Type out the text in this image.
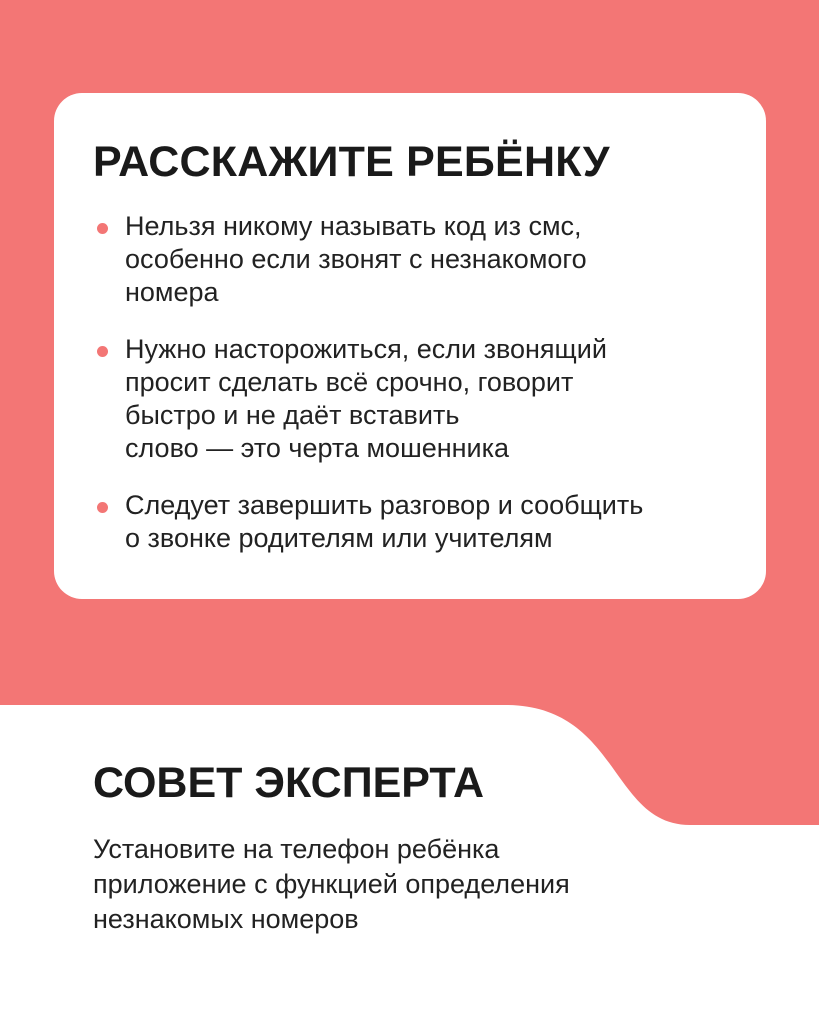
РАССКАЖИТЕ РЕБЁНКУ
Нельзя никому называть код из смс,
особенно если звонят с незнакомого
номера
Нужно насторожиться, если звонящий
просит сделать всё срочно, говорит
быстро и не даёт вставить
слово — это черта мошенника
Следует завершить разговор и сообщить
о звонке родителям или учителям
СОВЕТ ЭКСПЕРТА

Установите на телефон ребёнка
приложение с функцией определения
незнакомых номеров
